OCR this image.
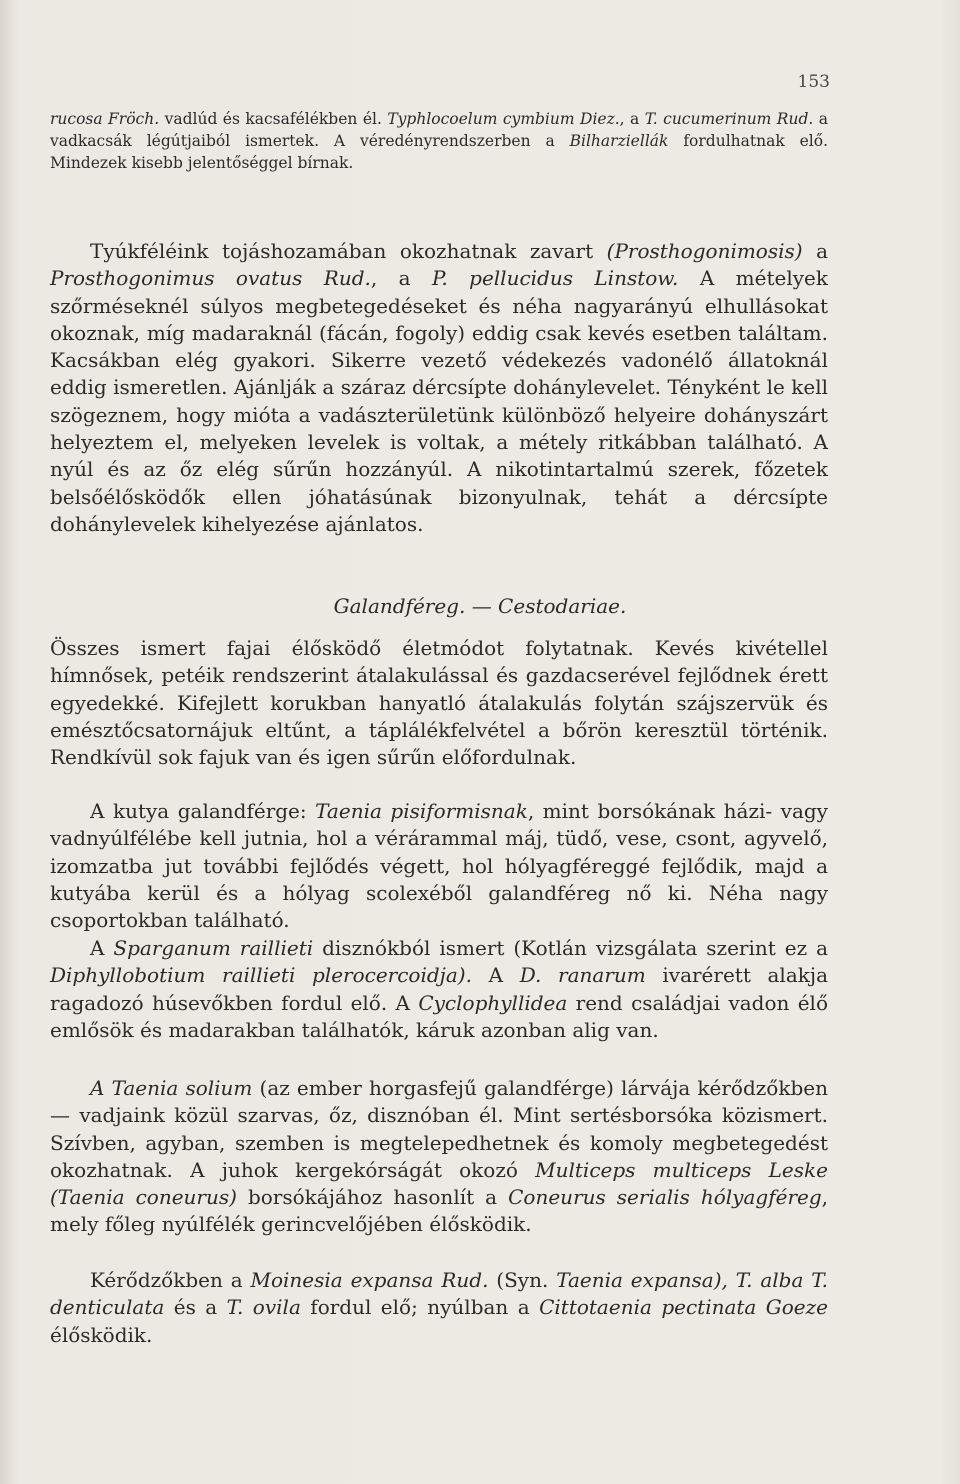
153

rucosa Fröch. vadlúd és kacsafélékben él. Typhlocoelum cymbium Diez., a T. cucumerinum Rud. a vadkacsák légútjaiból ismertek. A véredényrendszerben a Bilharziellák fordulhatnak elő. Mindezek kisebb jelentőséggel bírnak.

Tyúkféléink tojáshozamában okozhatnak zavart (Prosthogonimosis) a Prosthogonimus ovatus Rud., a P. pellucidus Linstow. A mételyek szőrméseknél súlyos megbetegedéseket és néha nagyarányú elhullásokat okoznak, míg madaraknál (fácán, fogoly) eddig csak kevés esetben találtam. Kacsákban elég gyakori. Sikerre vezető védekezés vadonélő állatoknál eddig ismeretlen. Ajánlják a száraz dércsípte dohánylevelet. Tényként le kell szögeznem, hogy mióta a vadászterületünk különböző helyeire dohányszárt helyeztem el, melyeken levelek is voltak, a métely ritkábban található. A nyúl és az őz elég sűrűn hozzányúl. A nikotintartalmú szerek, főzetek belsőélősködők ellen jóhatásúnak bizonyulnak, tehát a dércsípte dohánylevelek kihelyezése ajánlatos.

Galandféreg. — Cestodariae.

Összes ismert fajai élősködő életmódot folytatnak. Kevés kivétellel hímnősek, petéik rendszerint átalakulással és gazdacserével fejlődnek érett egyedekké. Kifejlett korukban hanyatló átalakulás folytán szájszervük és emésztőcsatornájuk eltűnt, a táplálékfelvétel a bőrön keresztül történik. Rendkívül sok fajuk van és igen sűrűn előfordulnak.

A kutya galandférge: Taenia pisiformisnak, mint borsókának házi- vagy vadnyúlfélébe kell jutnia, hol a vérárammal máj, tüdő, vese, csont, agyvelő, izomzatba jut további fejlődés végett, hol hólyagféreggé fejlődik, majd a kutyába kerül és a hólyag scolexéből galandféreg nő ki. Néha nagy csoportokban található.

A Sparganum raillieti disznókból ismert (Kotlán vizsgálata szerint ez a Diphyllobotium raillieti plerocercoidja). A D. ranarum ivarérett alakja ragadozó húsevőkben fordul elő. A Cyclophyllidea rend családjai vadon élő emlősök és madarakban találhatók, káruk azonban alig van.

A Taenia solium (az ember horgasfejű galandférge) lárvája kérődzőkben — vadjaink közül szarvas, őz, disznóban él. Mint sertésborsóka közismert. Szívben, agyban, szemben is megtelepedhetnek és komoly megbetegedést okozhatnak. A juhok kergekórságát okozó Multiceps multiceps Leske (Taenia coneurus) borsókájához hasonlít a Coneurus serialis hólyagféreg, mely főleg nyúlfélék gerincvelőjében élősködik.

Kérődzőkben a Moinesia expansa Rud. (Syn. Taenia expansa), T. alba T. denticulata és a T. ovila fordul elő; nyúlban a Cittotaenia pectinata Goeze élősködik.
